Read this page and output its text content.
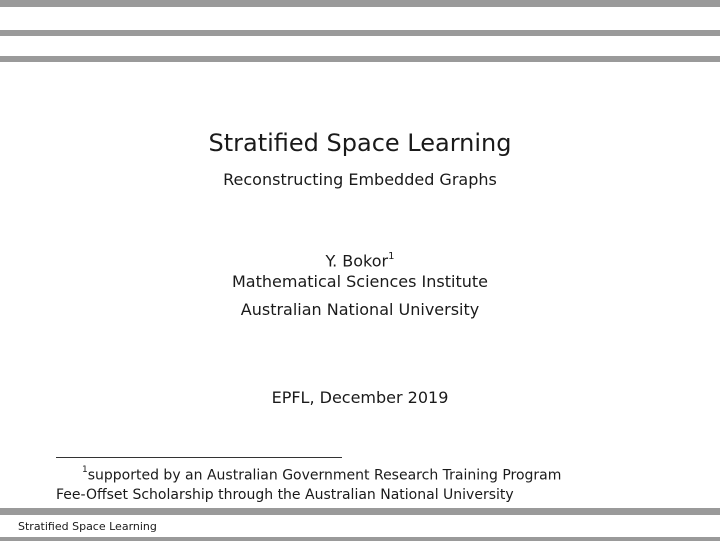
Stratified Space Learning
Reconstructing Embedded Graphs
Y. Bokor$^1$
Mathematical Sciences Institute
Australian National University
EPFL, December 2019
$^1$supported by an Australian Government Research Training Program
Fee-Offset Scholarship through the Australian National University
Stratified Space Learning
